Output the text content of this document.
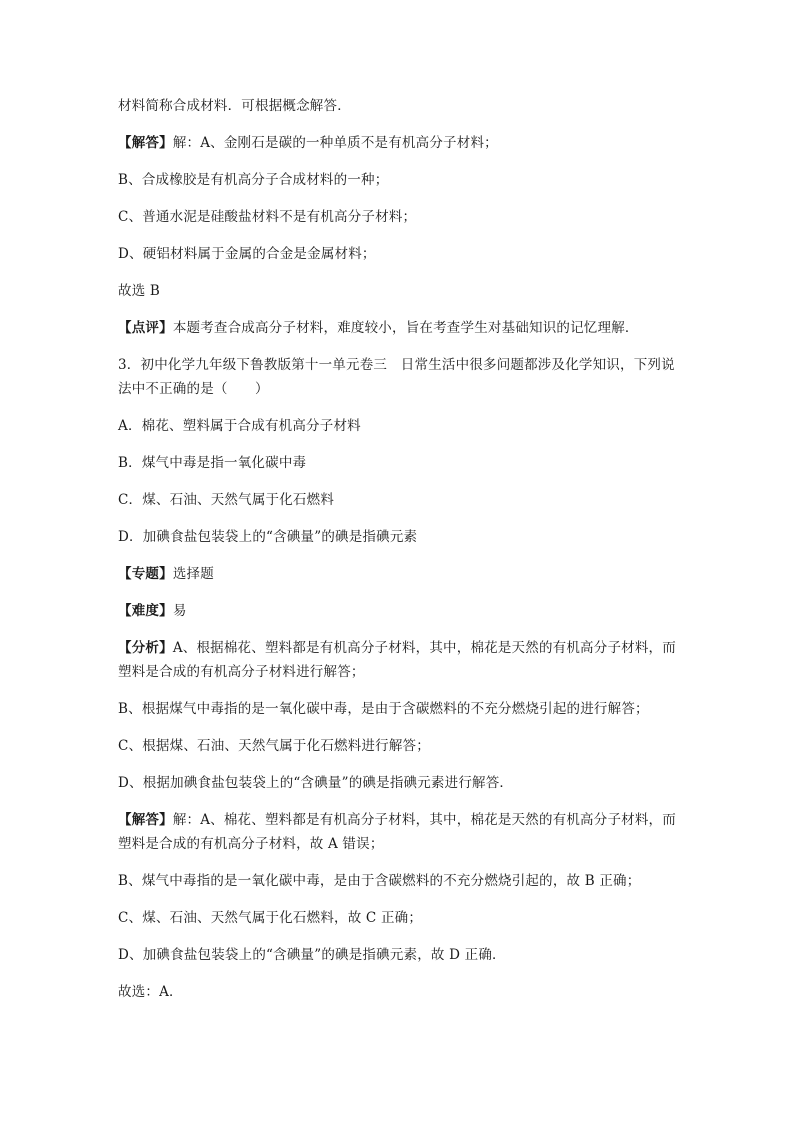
材料简称合成材料．可根据概念解答．

【解答】解：A、金刚石是碳的一种单质不是有机高分子材料；

B、合成橡胶是有机高分子合成材料的一种；

C、普通水泥是硅酸盐材料不是有机高分子材料；

D、硬铝材料属于金属的合金是金属材料；

故选 B

【点评】本题考查合成高分子材料，难度较小，旨在考查学生对基础知识的记忆理解．

3．初中化学九年级下鲁教版第十一单元卷三　日常生活中很多问题都涉及化学知识，下列说法中不正确的是（　　）

A．棉花、塑料属于合成有机高分子材料

B．煤气中毒是指一氧化碳中毒

C．煤、石油、天然气属于化石燃料

D．加碘食盐包装袋上的“含碘量”的碘是指碘元素

【专题】选择题

【难度】易

【分析】A、根据棉花、塑料都是有机高分子材料，其中，棉花是天然的有机高分子材料，而塑料是合成的有机高分子材料进行解答；

B、根据煤气中毒指的是一氧化碳中毒，是由于含碳燃料的不充分燃烧引起的进行解答；

C、根据煤、石油、天然气属于化石燃料进行解答；

D、根据加碘食盐包装袋上的“含碘量”的碘是指碘元素进行解答．

【解答】解：A、棉花、塑料都是有机高分子材料，其中，棉花是天然的有机高分子材料，而塑料是合成的有机高分子材料，故 A 错误；

B、煤气中毒指的是一氧化碳中毒，是由于含碳燃料的不充分燃烧引起的，故 B 正确；

C、煤、石油、天然气属于化石燃料，故 C 正确；

D、加碘食盐包装袋上的“含碘量”的碘是指碘元素，故 D 正确．

故选：A．
